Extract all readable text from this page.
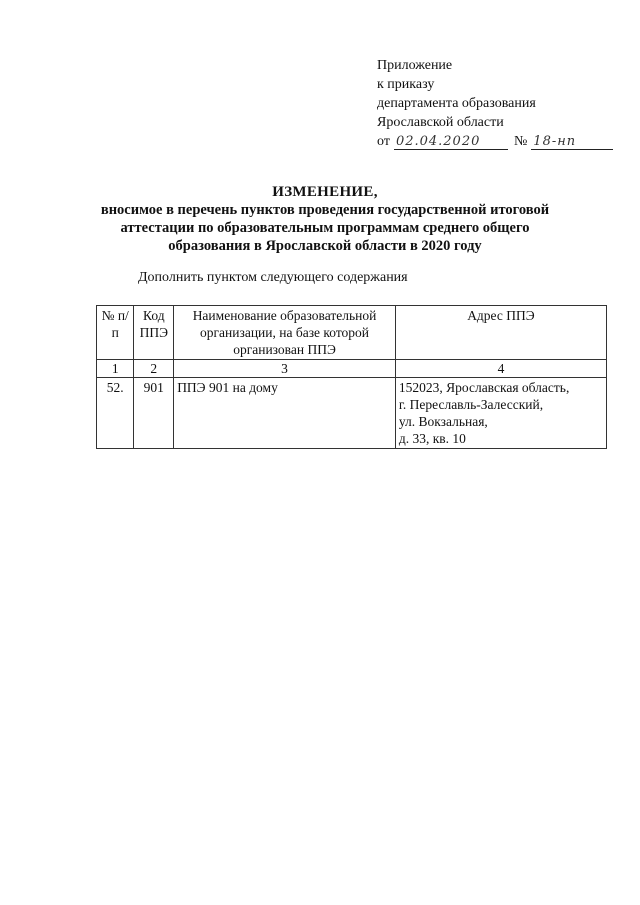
Приложение
к приказу
департамента образования
Ярославской области
от 02.04.2020	№ 18-нп
ИЗМЕНЕНИЕ,
вносимое в перечень пунктов проведения государственной итоговой
аттестации по образовательным программам среднего общего
образования в Ярославской области в 2020 году
Дополнить пунктом следующего содержания
№ п/п	Код ППЭ	Наименование образовательной организации, на базе которой организован ППЭ	Адрес ППЭ
1	2	3	4
52.	901	ППЭ 901 на дому	152023, Ярославская область,
г. Переславль-Залесский,
ул. Вокзальная,
д. 33, кв. 10
